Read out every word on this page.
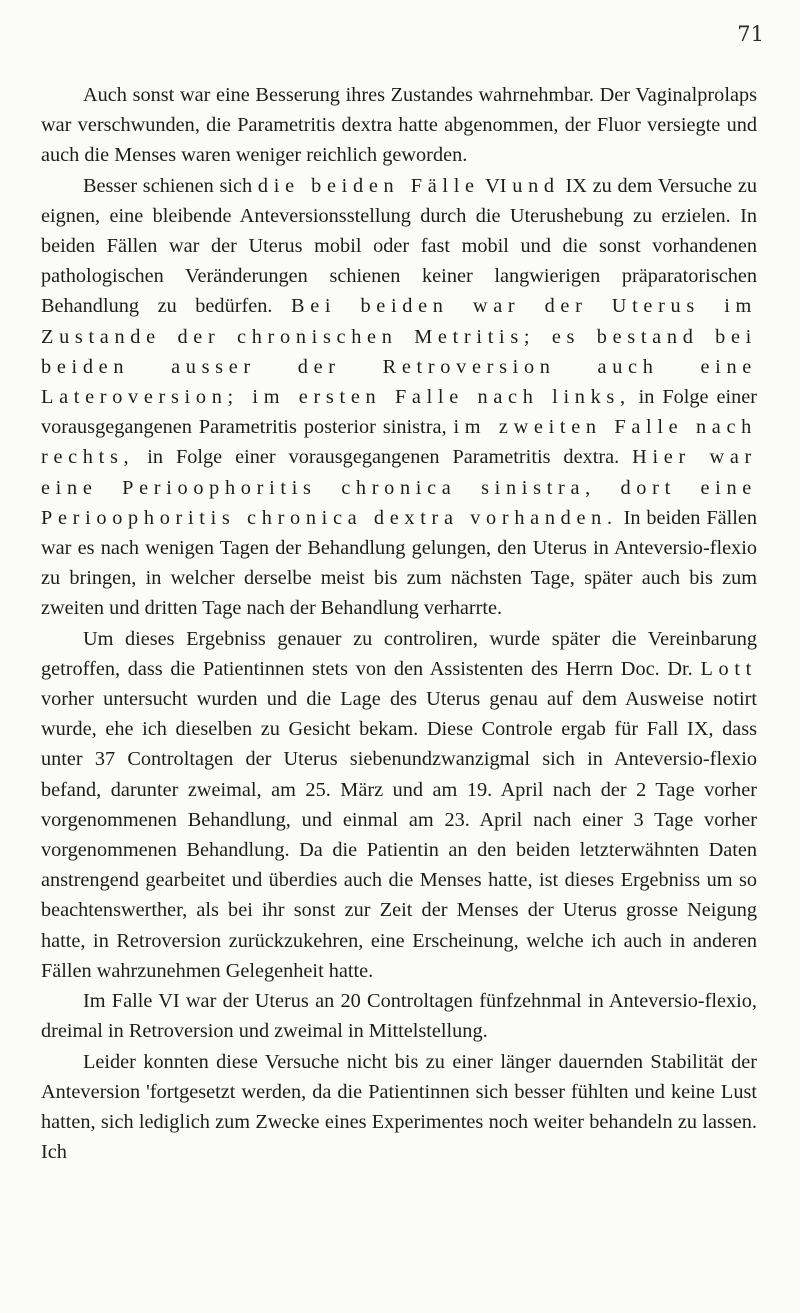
71

Auch sonst war eine Besserung ihres Zustandes wahrnehmbar. Der Vaginalprolaps war verschwunden, die Parametritis dextra hatte abgenommen, der Fluor versiegte und auch die Menses waren weniger reichlich geworden.

Besser schienen sich die beiden Fälle VI und IX zu dem Versuche zu eignen, eine bleibende Anteversionsstellung durch die Uterushebung zu erzielen. In beiden Fällen war der Uterus mobil oder fast mobil und die sonst vorhandenen pathologischen Veränderungen schienen keiner langwierigen präparatorischen Behandlung zu bedürfen. Bei beiden war der Uterus im Zustande der chronischen Metritis; es bestand bei beiden ausser der Retroversion auch eine Lateroversion; im ersten Falle nach links, in Folge einer vorausgegangenen Parametritis posterior sinistra, im zweiten Falle nach rechts, in Folge einer vorausgegangenen Parametritis dextra. Hier war eine Perioophoritis chronica sinistra, dort eine Perioophoritis chronica dextra vorhanden. In beiden Fällen war es nach wenigen Tagen der Behandlung gelungen, den Uterus in Anteversio-flexio zu bringen, in welcher derselbe meist bis zum nächsten Tage, später auch bis zum zweiten und dritten Tage nach der Behandlung verharrte.

Um dieses Ergebniss genauer zu controliren, wurde später die Vereinbarung getroffen, dass die Patientinnen stets von den Assistenten des Herrn Doc. Dr. Lott vorher untersucht wurden und die Lage des Uterus genau auf dem Ausweise notirt wurde, ehe ich dieselben zu Gesicht bekam. Diese Controle ergab für Fall IX, dass unter 37 Controltagen der Uterus siebenundzwanzigmal sich in Anteversio-flexio befand, darunter zweimal, am 25. März und am 19. April nach der 2 Tage vorher vorgenommenen Behandlung, und einmal am 23. April nach einer 3 Tage vorher vorgenommenen Behandlung. Da die Patientin an den beiden letzterwähnten Daten anstrengend gearbeitet und überdies auch die Menses hatte, ist dieses Ergebniss um so beachtenswerther, als bei ihr sonst zur Zeit der Menses der Uterus grosse Neigung hatte, in Retroversion zurückzukehren, eine Erscheinung, welche ich auch in anderen Fällen wahrzunehmen Gelegenheit hatte.

Im Falle VI war der Uterus an 20 Controltagen fünfzehnmal in Anteversio-flexio, dreimal in Retroversion und zweimal in Mittelstellung.

Leider konnten diese Versuche nicht bis zu einer länger dauernden Stabilität der Anteversion 'fortgesetzt werden, da die Patientinnen sich besser fühlten und keine Lust hatten, sich lediglich zum Zwecke eines Experimentes noch weiter behandeln zu lassen. Ich
